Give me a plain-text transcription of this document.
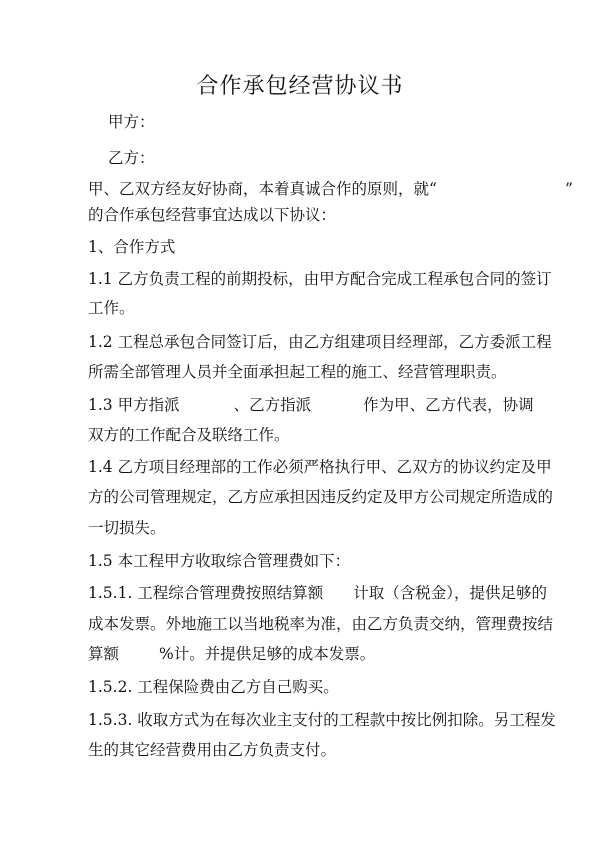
合作承包经营协议书
甲方：
乙方：
甲、乙双方经友好协商，本着真诚合作的原则，就“	”
的合作承包经营事宜达成以下协议：
1、合作方式
1.1 乙方负责工程的前期投标，由甲方配合完成工程承包合同的签订
工作。
1.2 工程总承包合同签订后，由乙方组建项目经理部，乙方委派工程
所需全部管理人员并全面承担起工程的施工、经营管理职责。
1.3 甲方指派	、乙方指派	作为甲、乙方代表，协调
双方的工作配合及联络工作。
1.4 乙方项目经理部的工作必须严格执行甲、乙双方的协议约定及甲
方的公司管理规定，乙方应承担因违反约定及甲方公司规定所造成的
一切损失。
1.5 本工程甲方收取综合管理费如下：
1.5.1. 工程综合管理费按照结算额 计取（含税金），提供足够的
成本发票。外地施工以当地税率为准，由乙方负责交纳，管理费按结
算额	%计。并提供足够的成本发票。
1.5.2. 工程保险费由乙方自己购买。
1.5.3. 收取方式为在每次业主支付的工程款中按比例扣除。另工程发
生的其它经营费用由乙方负责支付。
